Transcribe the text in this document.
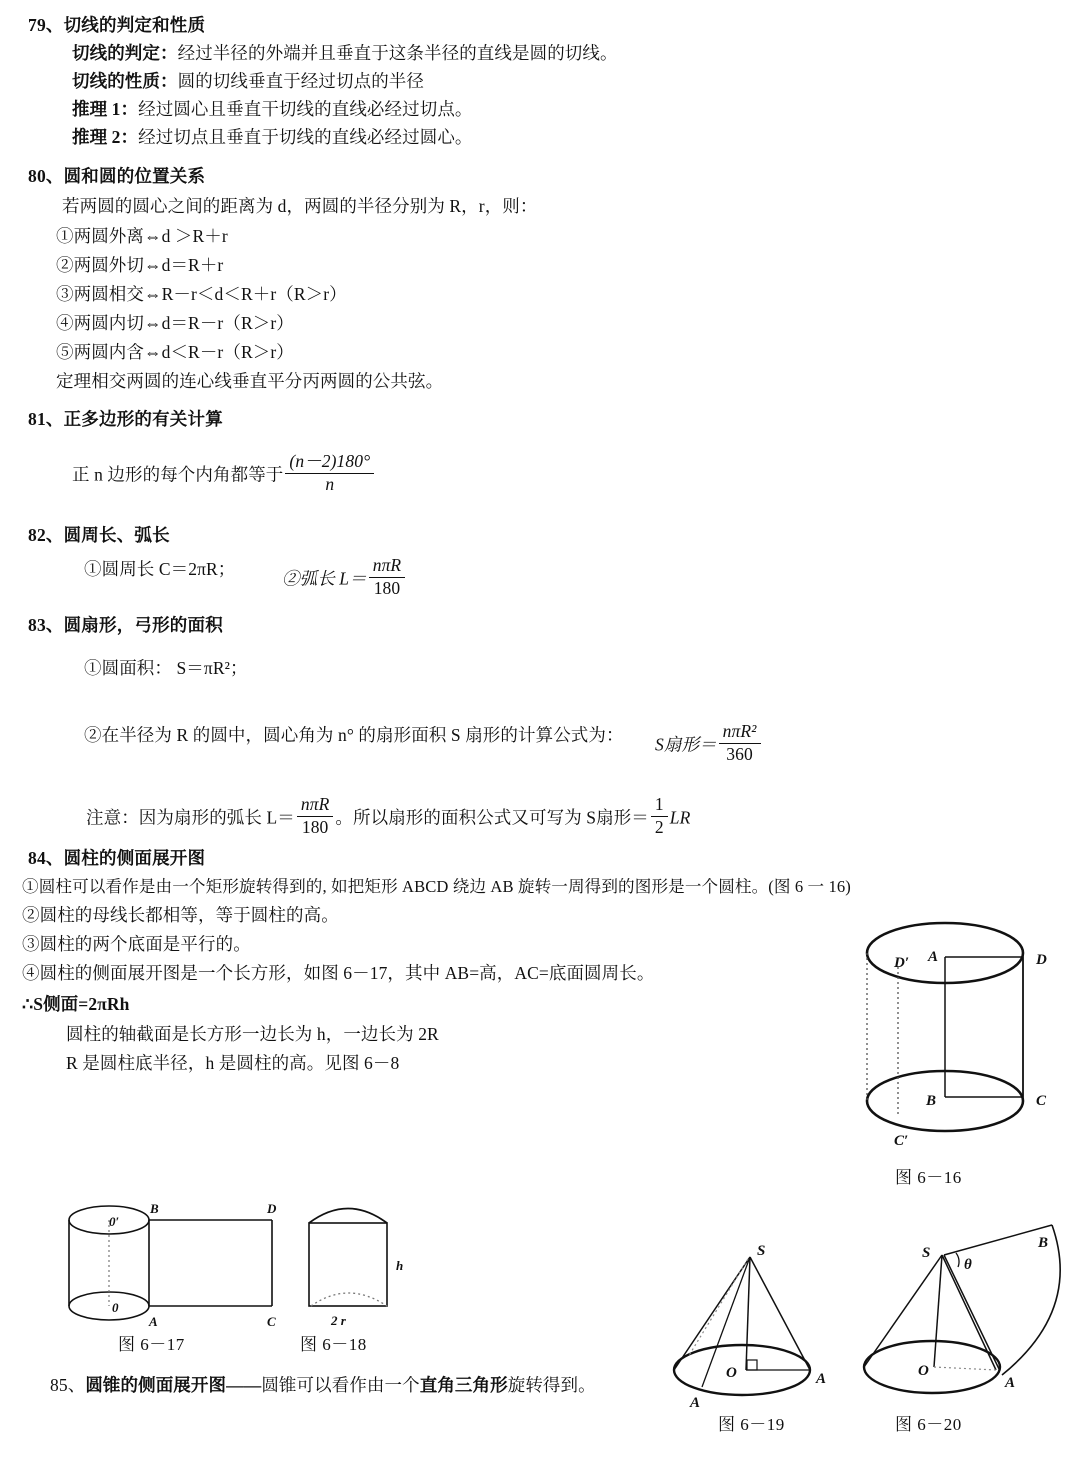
79、切线的判定和性质
切线的判定：经过半径的外端并且垂直于这条半径的直线是圆的切线。
切线的性质：圆的切线垂直于经过切点的半径
推理 1：经过圆心且垂直干切线的直线必经过切点。
推理 2：经过切点且垂直于切线的直线必经过圆心。
80、圆和圆的位置关系
若两圆的圆心之间的距离为 d，两圆的半径分别为 R，r，则：
①两圆外离⇔d ＞R＋r
②两圆外切⇔d＝R＋r
③两圆相交⇔R－r＜d＜R＋r（R＞r）
④两圆内切⇔d＝R－r（R＞r）
⑤两圆内含⇔d＜R－r（R＞r）
定理相交两圆的连心线垂直平分丙两圆的公共弦。
81、正多边形的有关计算
正 n 边形的每个内角都等于 $\frac{(n-2)180^\circ}{n}$
82、圆周长、弧长
①圆周长 C＝2πR；	②弧长 $L= \frac{\text{nπR}}{180}$
83、圆扇形，弓形的面积
①圆面积： S＝πR²；
②在半径为 R 的圆中，圆心角为 n° 的扇形面积 S 扇形的计算公式为： S扇形＝ $\frac{\text{nπR²}}{360}$
注意：因为扇形的弧长 $L= \frac{\text{nπR}}{180}$ 。所以扇形的面积公式又可写为 S扇形＝ $\frac{1}{2}$ LR
84、圆柱的侧面展开图
①圆柱可以看作是由一个矩形旋转得到的, 如把矩形 ABCD 绕边 AB 旋转一周得到的图形是一个圆柱。(图 6 一 16)
②圆柱的母线长都相等，等于圆柱的高。
③圆柱的两个底面是平行的。
④圆柱的侧面展开图是一个长方形，如图 6－17，其中 AB=高，AC=底面圆周长。
∴S侧面=2πRh
圆柱的轴截面是长方形一边长为 h，一边长为 2R
R 是圆柱底半径，h 是圆柱的高。见图 6－8
85、圆锥的侧面展开图——圆锥可以看作由一个直角三角形旋转得到。
D′ A	D
B	C
C′
图 6－16
0′
0
B	D
A	C
图 6－17
h
2 r
图 6－18
S
O	A
A
图 6－19
S
θ
B
O
A
图 6－20
